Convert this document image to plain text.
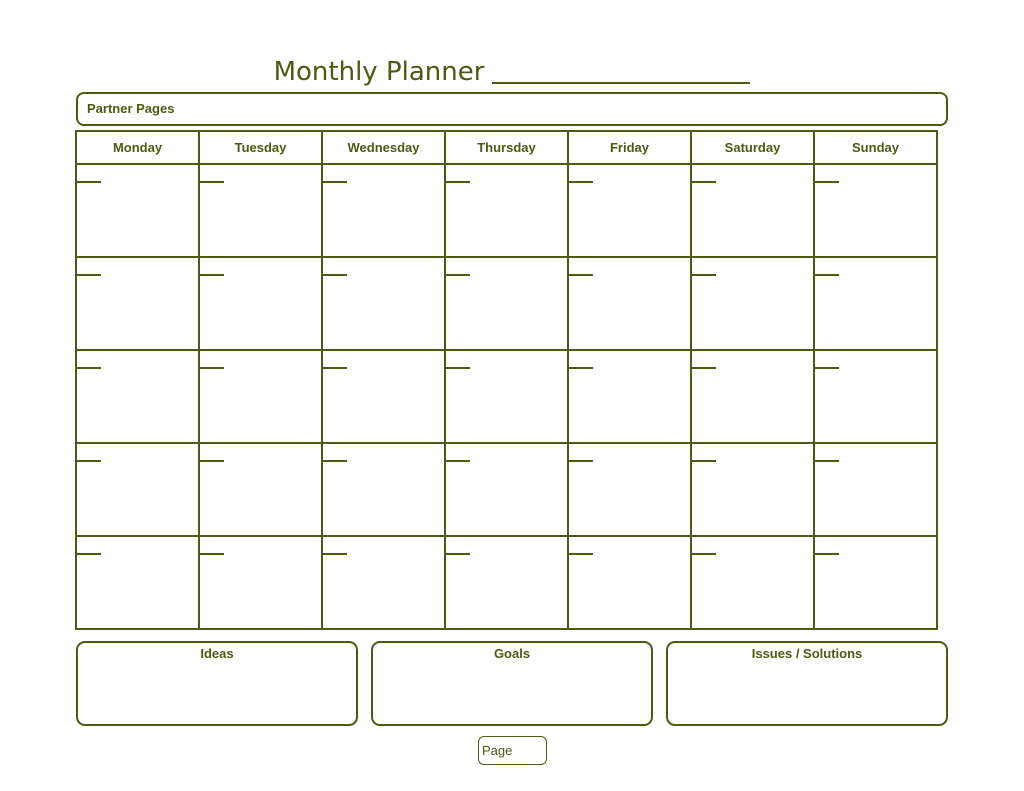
Monthly Planner
Partner Pages
Monday	Tuesday	Wednesday	Thursday	Friday	Saturday	Sunday

Ideas	Goals	Issues / Solutions
Page
